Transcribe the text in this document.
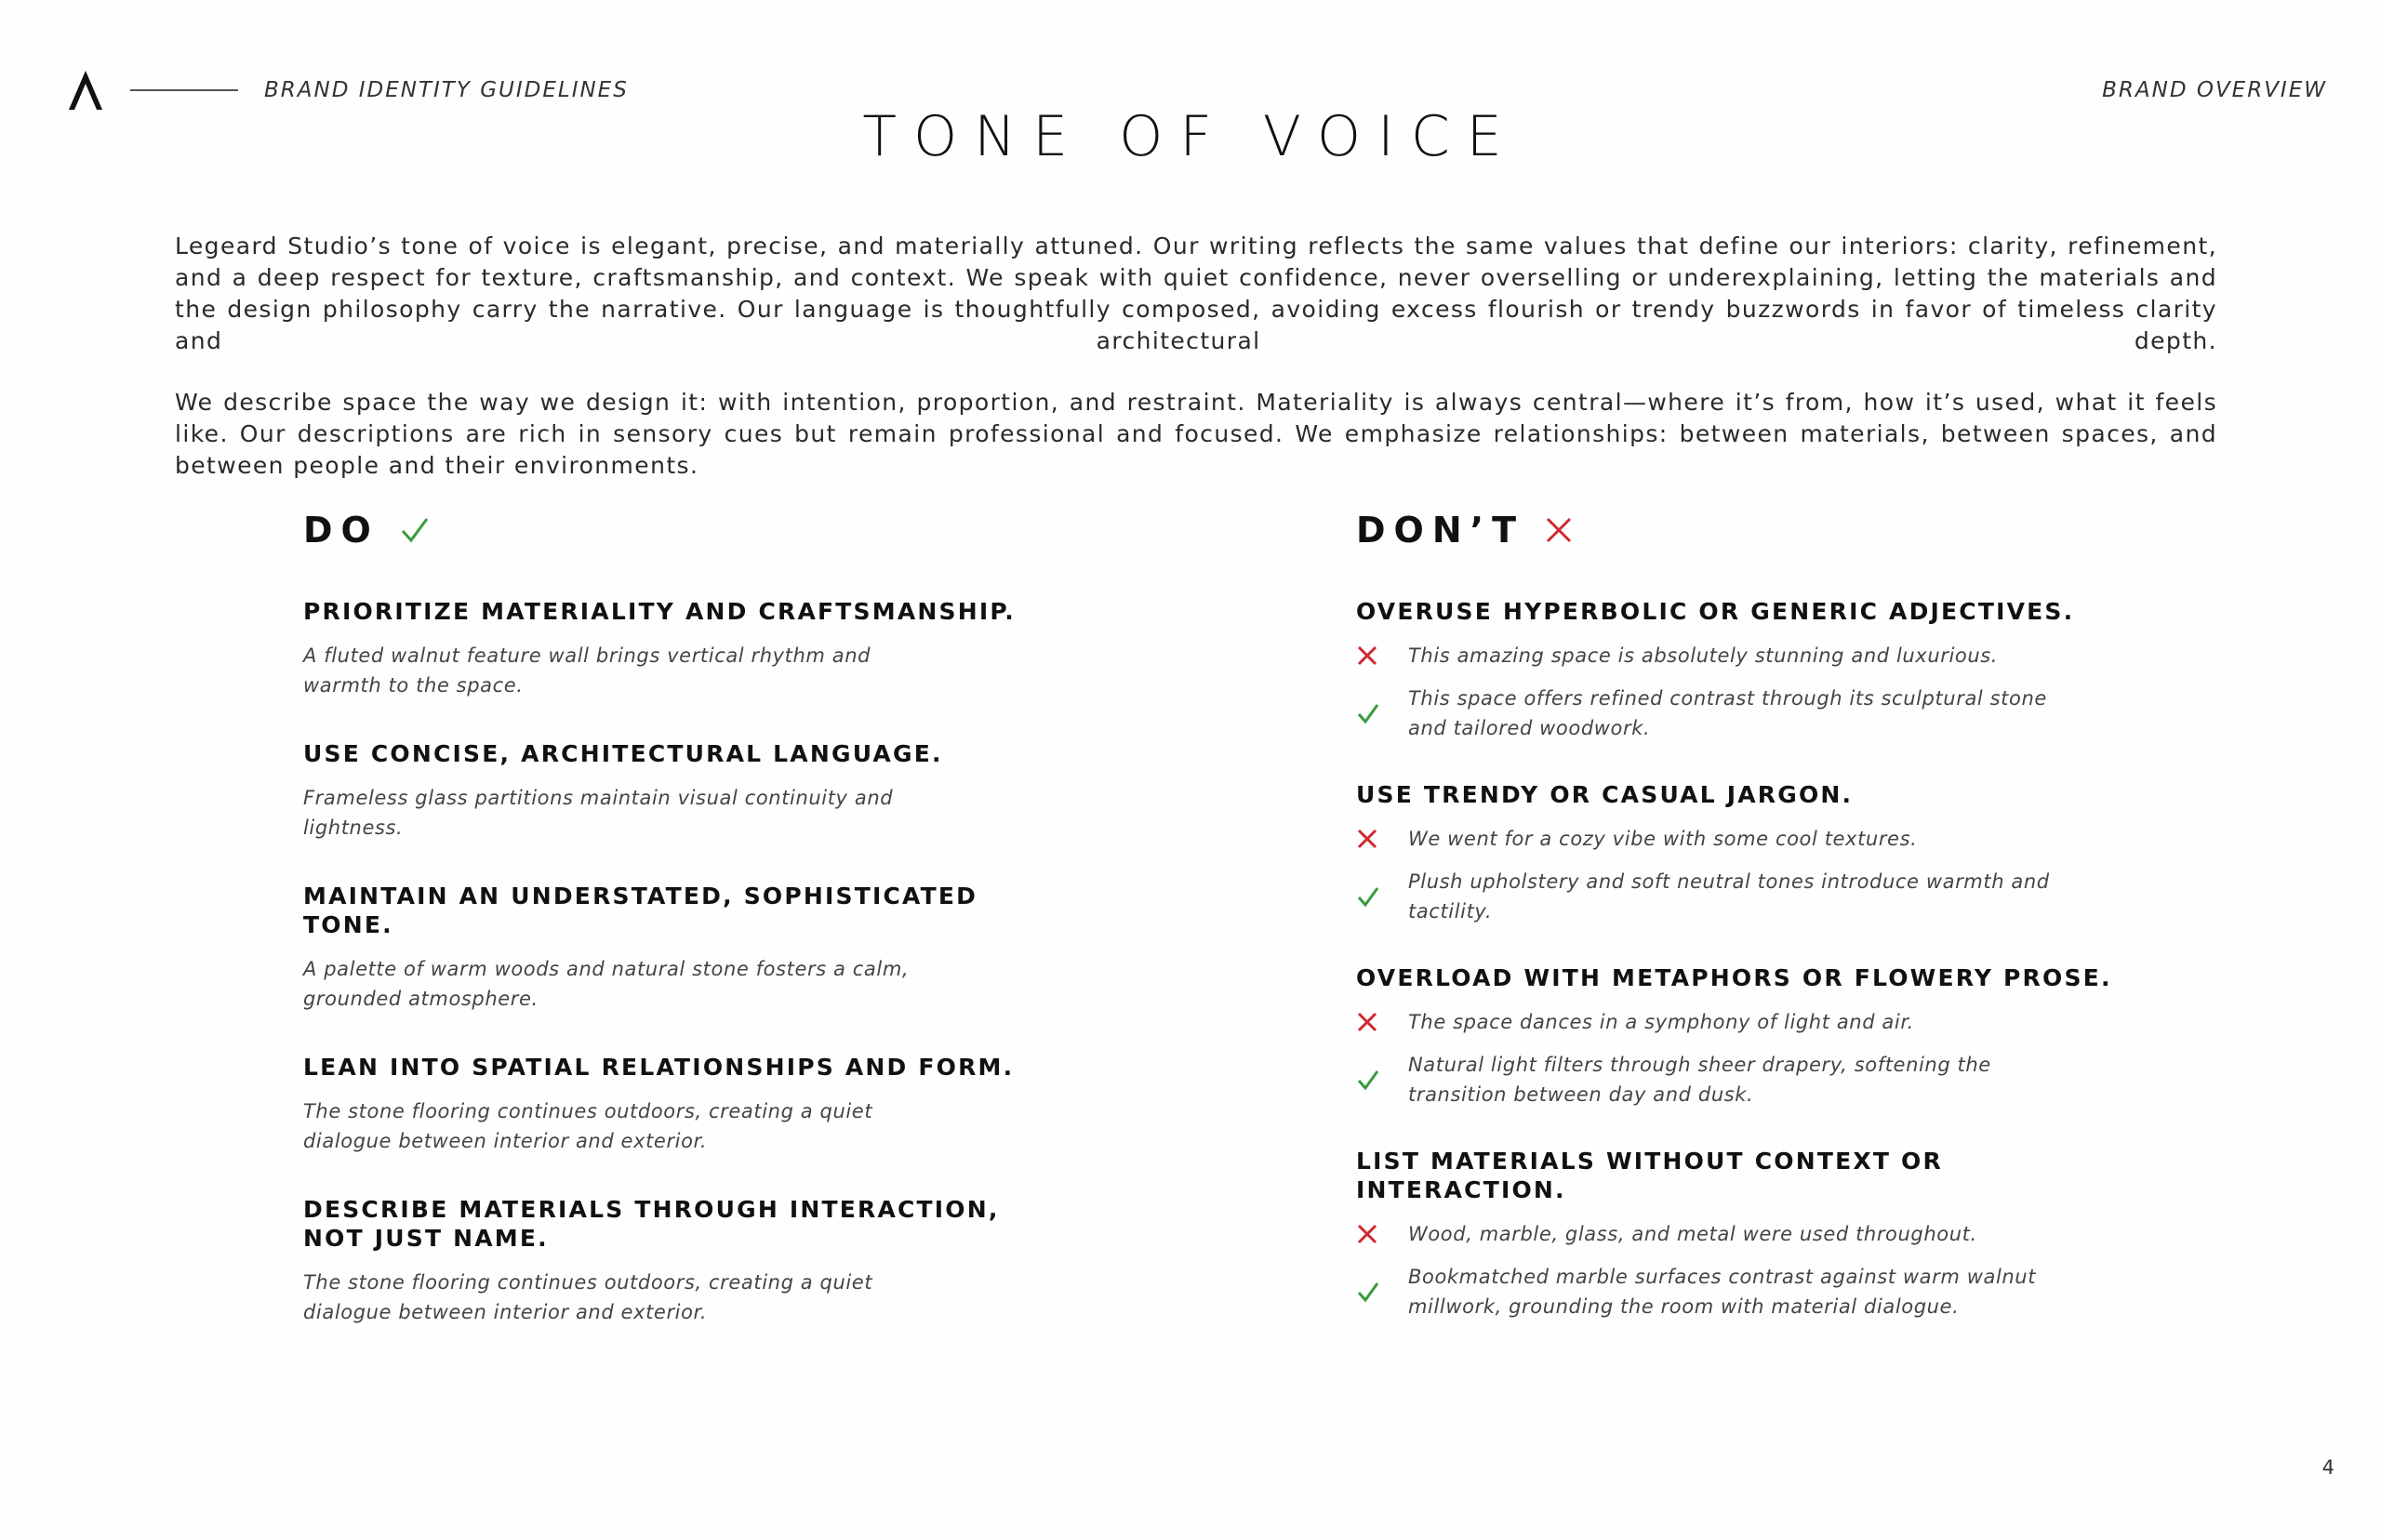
BRAND IDENTITY GUIDELINES	BRAND OVERVIEW
TONE OF VOICE

Legeard Studio’s tone of voice is elegant, precise, and materially attuned. Our writing reflects the same values that define our interiors: clarity, refinement, and a deep respect for texture, craftsmanship, and context. We speak with quiet confidence, never overselling or underexplaining, letting the materials and the design philosophy carry the narrative. Our language is thoughtfully composed, avoiding excess flourish or trendy buzzwords in favor of timeless clarity and architectural depth.

We describe space the way we design it: with intention, proportion, and restraint. Materiality is always central—where it’s from, how it’s used, what it feels like. Our descriptions are rich in sensory cues but remain professional and focused. We emphasize relationships: between materials, between spaces, and between people and their environments.

DO
PRIORITIZE MATERIALITY AND CRAFTSMANSHIP.
A fluted walnut feature wall brings vertical rhythm and warmth to the space.
USE CONCISE, ARCHITECTURAL LANGUAGE.
Frameless glass partitions maintain visual continuity and lightness.
MAINTAIN AN UNDERSTATED, SOPHISTICATED TONE.
A palette of warm woods and natural stone fosters a calm, grounded atmosphere.
LEAN INTO SPATIAL RELATIONSHIPS AND FORM.
The stone flooring continues outdoors, creating a quiet dialogue between interior and exterior.
DESCRIBE MATERIALS THROUGH INTERACTION, NOT JUST NAME.
The stone flooring continues outdoors, creating a quiet dialogue between interior and exterior.
DON’T
OVERUSE HYPERBOLIC OR GENERIC ADJECTIVES.
This amazing space is absolutely stunning and luxurious.
This space offers refined contrast through its sculptural stone and tailored woodwork.
USE TRENDY OR CASUAL JARGON.
We went for a cozy vibe with some cool textures.
Plush upholstery and soft neutral tones introduce warmth and tactility.
OVERLOAD WITH METAPHORS OR FLOWERY PROSE.
The space dances in a symphony of light and air.
Natural light filters through sheer drapery, softening the transition between day and dusk.
LIST MATERIALS WITHOUT CONTEXT OR INTERACTION.
Wood, marble, glass, and metal were used throughout.
Bookmatched marble surfaces contrast against warm walnut millwork, grounding the room with material dialogue.
4
